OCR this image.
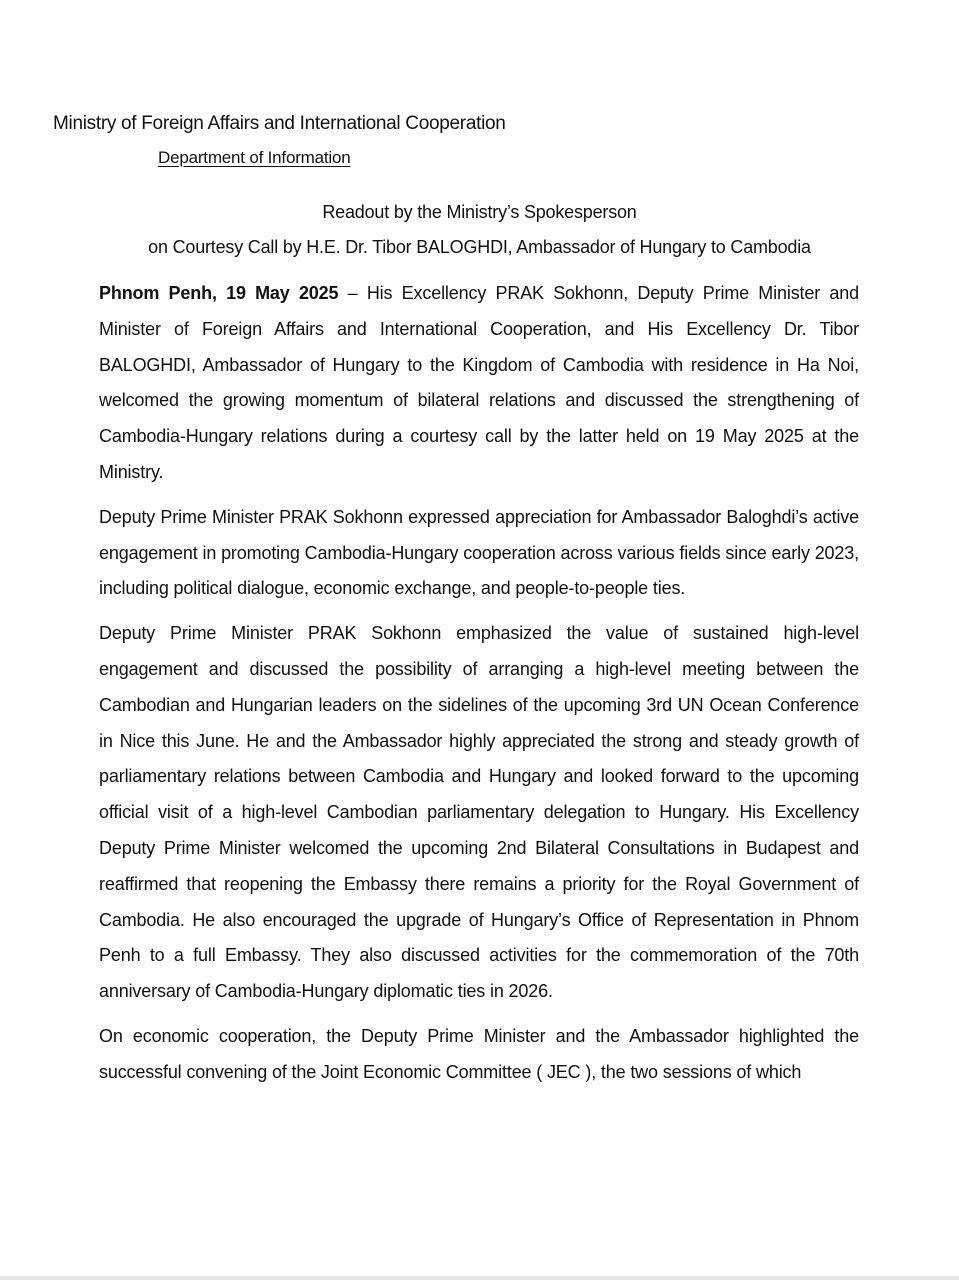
Ministry of Foreign Affairs and International Cooperation
Department of Information
Readout by the Ministry’s Spokesperson
on Courtesy Call by H.E. Dr. Tibor BALOGHDI, Ambassador of Hungary to Cambodia

Phnom Penh, 19 May 2025 – His Excellency PRAK Sokhonn, Deputy Prime Minister and Minister of Foreign Affairs and International Cooperation, and His Excellency Dr. Tibor BALOGHDI, Ambassador of Hungary to the Kingdom of Cambodia with residence in Ha Noi, welcomed the growing momentum of bilateral relations and discussed the strengthening of Cambodia-Hungary relations during a courtesy call by the latter held on 19 May 2025 at the Ministry.

Deputy Prime Minister PRAK Sokhonn expressed appreciation for Ambassador Baloghdi’s active engagement in promoting Cambodia-Hungary cooperation across various fields since early 2023, including political dialogue, economic exchange, and people-to-people ties.

Deputy Prime Minister PRAK Sokhonn emphasized the value of sustained high-level engagement and discussed the possibility of arranging a high-level meeting between the Cambodian and Hungarian leaders on the sidelines of the upcoming 3rd UN Ocean Conference in Nice this June. He and the Ambassador highly appreciated the strong and steady growth of parliamentary relations between Cambodia and Hungary and looked forward to the upcoming official visit of a high-level Cambodian parliamentary delegation to Hungary. His Excellency Deputy Prime Minister welcomed the upcoming 2nd Bilateral Consultations in Budapest and reaffirmed that reopening the Embassy there remains a priority for the Royal Government of Cambodia. He also encouraged the upgrade of Hungary’s Office of Representation in Phnom Penh to a full Embassy. They also discussed activities for the commemoration of the 70th anniversary of Cambodia-Hungary diplomatic ties in 2026.

On economic cooperation, the Deputy Prime Minister and the Ambassador highlighted the successful convening of the Joint Economic Committee ( JEC ), the two sessions of which
